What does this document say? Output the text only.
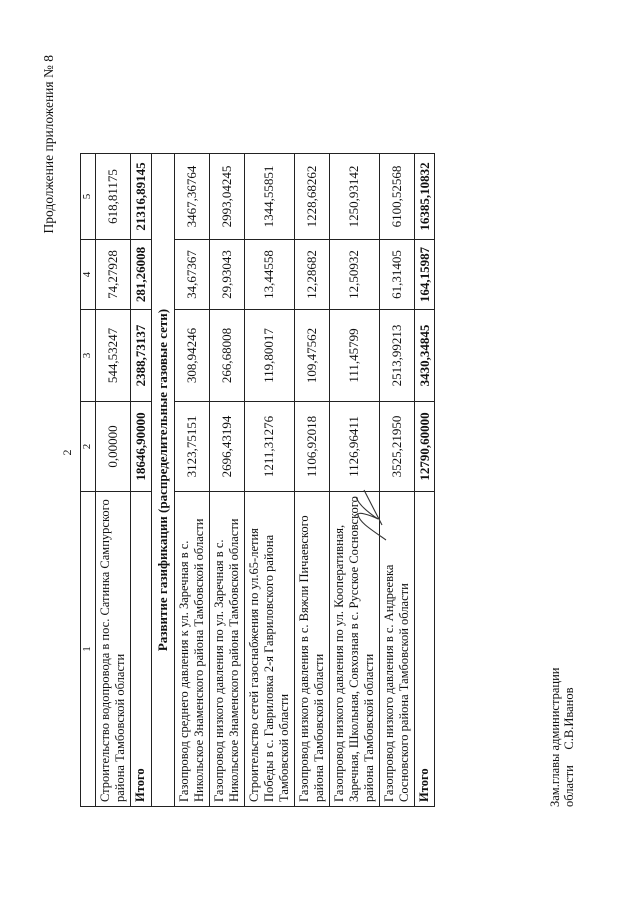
2
Продолжение приложения № 8
1	2	3	4	5
Строительство водопровода в пос. Сатинка Сампурского района Тамбовской области	0,00000	544,53247	74,27928	618,81175
Итого	18646,90000	2388,73137	281,26008	21316,89145
Развитие газификации (распределительные газовые сети)				
Газопровод среднего давления к ул. Заречная в с. Никольское Знаменского района Тамбовской области	3123,75151	308,94246	34,67367	3467,36764
Газопровод низкого давления по ул. Заречная в с. Никольское Знаменского района Тамбовской области	2696,43194	266,68008	29,93043	2993,04245
Строительство сетей газоснабжения по ул.65-летия Победы в с. Гавриловка 2-я Гавриловского района Тамбовской области	1211,31276	119,80017	13,44558	1344,55851
Газопровод низкого давления в с. Вяжли Пичаевского района Тамбовской области	1106,92018	109,47562	12,28682	1228,68262
Газопровод низкого давления по ул. Кооперативная, Заречная, Школьная, Совхозная в с. Русское Сосновского района Тамбовской области	1126,96411	111,45799	12,50932	1250,93142
Газопровод низкого давления в с. Андреевка Сосновского района Тамбовской области	3525,21950	2513,99213	61,31405	6100,52568
Итого	12790,60000	3430,34845	164,15987	16385,10832
Зам.главы администрации области     С.В.Иванов
